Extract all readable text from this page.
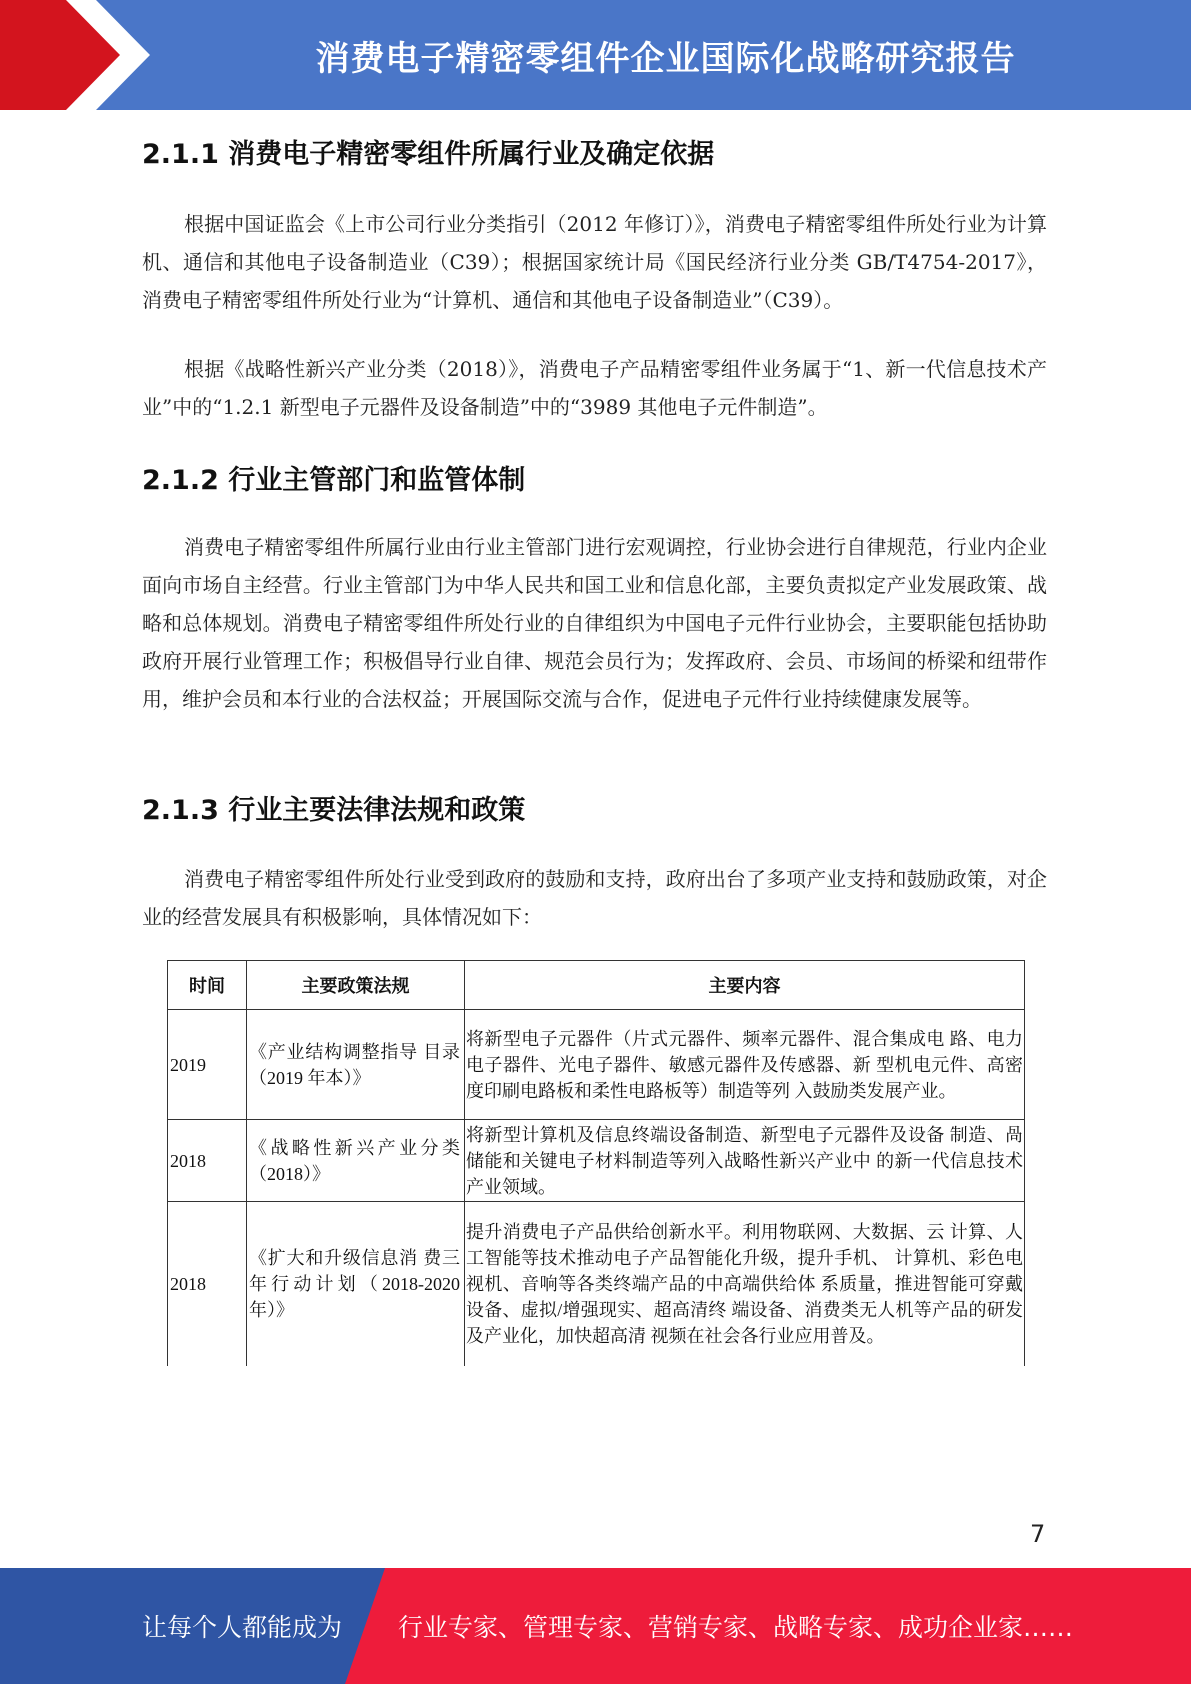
消费电子精密零组件企业国际化战略研究报告
2.1.1 消费电子精密零组件所属行业及确定依据
根据中国证监会《上市公司行业分类指引（2012 年修订）》，消费电子精密零组件所处行业为计算机、通信和其他电子设备制造业（C39）；根据国家统计局《国民经济行业分类 GB/T4754-2017》，消费电子精密零组件所处行业为“计算机、通信和其他电子设备制造业”（C39）。
根据《战略性新兴产业分类（2018）》，消费电子产品精密零组件业务属于“1、新一代信息技术产业”中的“1.2.1 新型电子元器件及设备制造”中的“3989 其他电子元件制造”。
2.1.2 行业主管部门和监管体制
消费电子精密零组件所属行业由行业主管部门进行宏观调控，行业协会进行自律规范，行业内企业面向市场自主经营。行业主管部门为中华人民共和国工业和信息化部，主要负责拟定产业发展政策、战略和总体规划。消费电子精密零组件所处行业的自律组织为中国电子元件行业协会，主要职能包括协助政府开展行业管理工作；积极倡导行业自律、规范会员行为；发挥政府、会员、市场间的桥梁和纽带作用，维护会员和本行业的合法权益；开展国际交流与合作，促进电子元件行业持续健康发展等。
2.1.3 行业主要法律法规和政策
消费电子精密零组件所处行业受到政府的鼓励和支持，政府出台了多项产业支持和鼓励政策，对企业的经营发展具有积极影响，具体情况如下：
时间	主要政策法规	主要内容
2019	《产业结构调整指导 目录（2019 年本）》	将新型电子元器件（片式元器件、频率元器件、混合集成电 路、电力电子器件、光电子器件、敏感元器件及传感器、新 型机电元件、高密度印刷电路板和柔性电路板等）制造等列 入鼓励类发展产业。
2018	《战略性新兴产业分类（2018）》	将新型计算机及信息终端设备制造、新型电子元器件及设备 制造、咼储能和关键电子材料制造等列入战略性新兴产业中 的新一代信息技术产业领域。
2018	《扩大和升级信息消 费三年行动计划（2018-2020 年）》	提升消费电子产品供给创新水平。利用物联网、大数据、云 计算、人工智能等技术推动电子产品智能化升级，提升手机、 计算机、彩色电视机、音响等各类终端产品的中高端供给体 系质量，推进智能可穿戴设备、虚拟/增强现实、超高清终 端设备、消费类无人机等产品的研发及产业化，加快超高清 视频在社会各行业应用普及。
7
让每个人都能成为 行业专家、管理专家、营销专家、战略专家、成功企业家……
